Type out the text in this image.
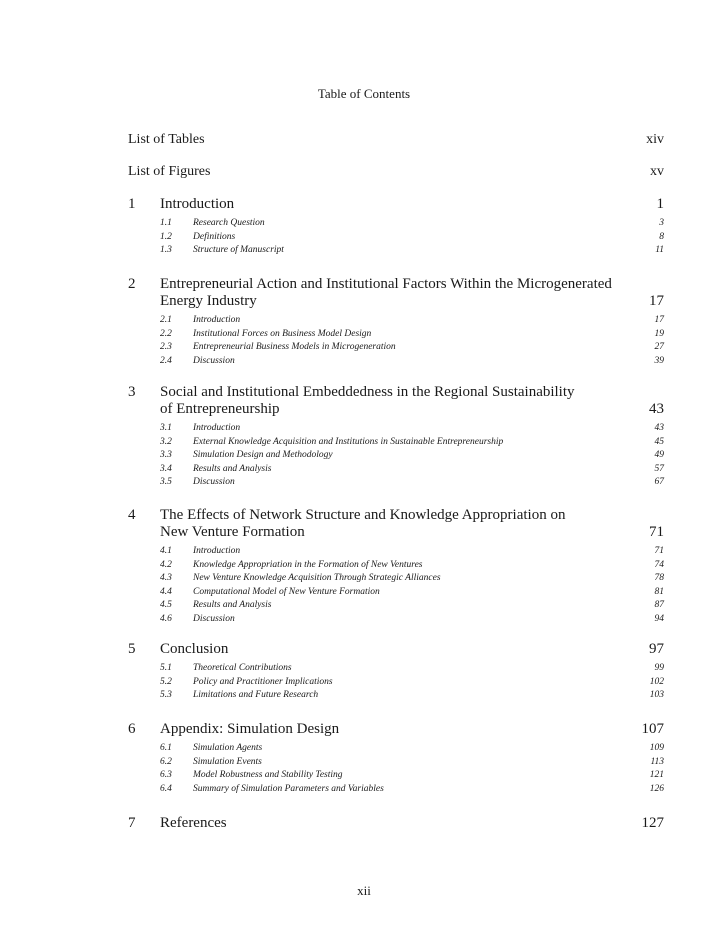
Table of Contents
List of Tables	xiv
List of Figures	xv
1	Introduction	1
1.1	Research Question	3
1.2	Definitions	8
1.3	Structure of Manuscript	11
2	Entrepreneurial Action and Institutional Factors Within the Microgenerated
Energy Industry	17
2.1	Introduction	17
2.2	Institutional Forces on Business Model Design	19
2.3	Entrepreneurial Business Models in Microgeneration	27
2.4	Discussion	39
3	Social and Institutional Embeddedness in the Regional Sustainability
of Entrepreneurship	43
3.1	Introduction	43
3.2	External Knowledge Acquisition and Institutions in Sustainable Entrepreneurship	45
3.3	Simulation Design and Methodology	49
3.4	Results and Analysis	57
3.5	Discussion	67
4	The Effects of Network Structure and Knowledge Appropriation on
New Venture Formation	71
4.1	Introduction	71
4.2	Knowledge Appropriation in the Formation of New Ventures	74
4.3	New Venture Knowledge Acquisition Through Strategic Alliances	78
4.4	Computational Model of New Venture Formation	81
4.5	Results and Analysis	87
4.6	Discussion	94
5	Conclusion	97
5.1	Theoretical Contributions	99
5.2	Policy and Practitioner Implications	102
5.3	Limitations and Future Research	103
6	Appendix: Simulation Design	107
6.1	Simulation Agents	109
6.2	Simulation Events	113
6.3	Model Robustness and Stability Testing	121
6.4	Summary of Simulation Parameters and Variables	126
7	References	127
xii
